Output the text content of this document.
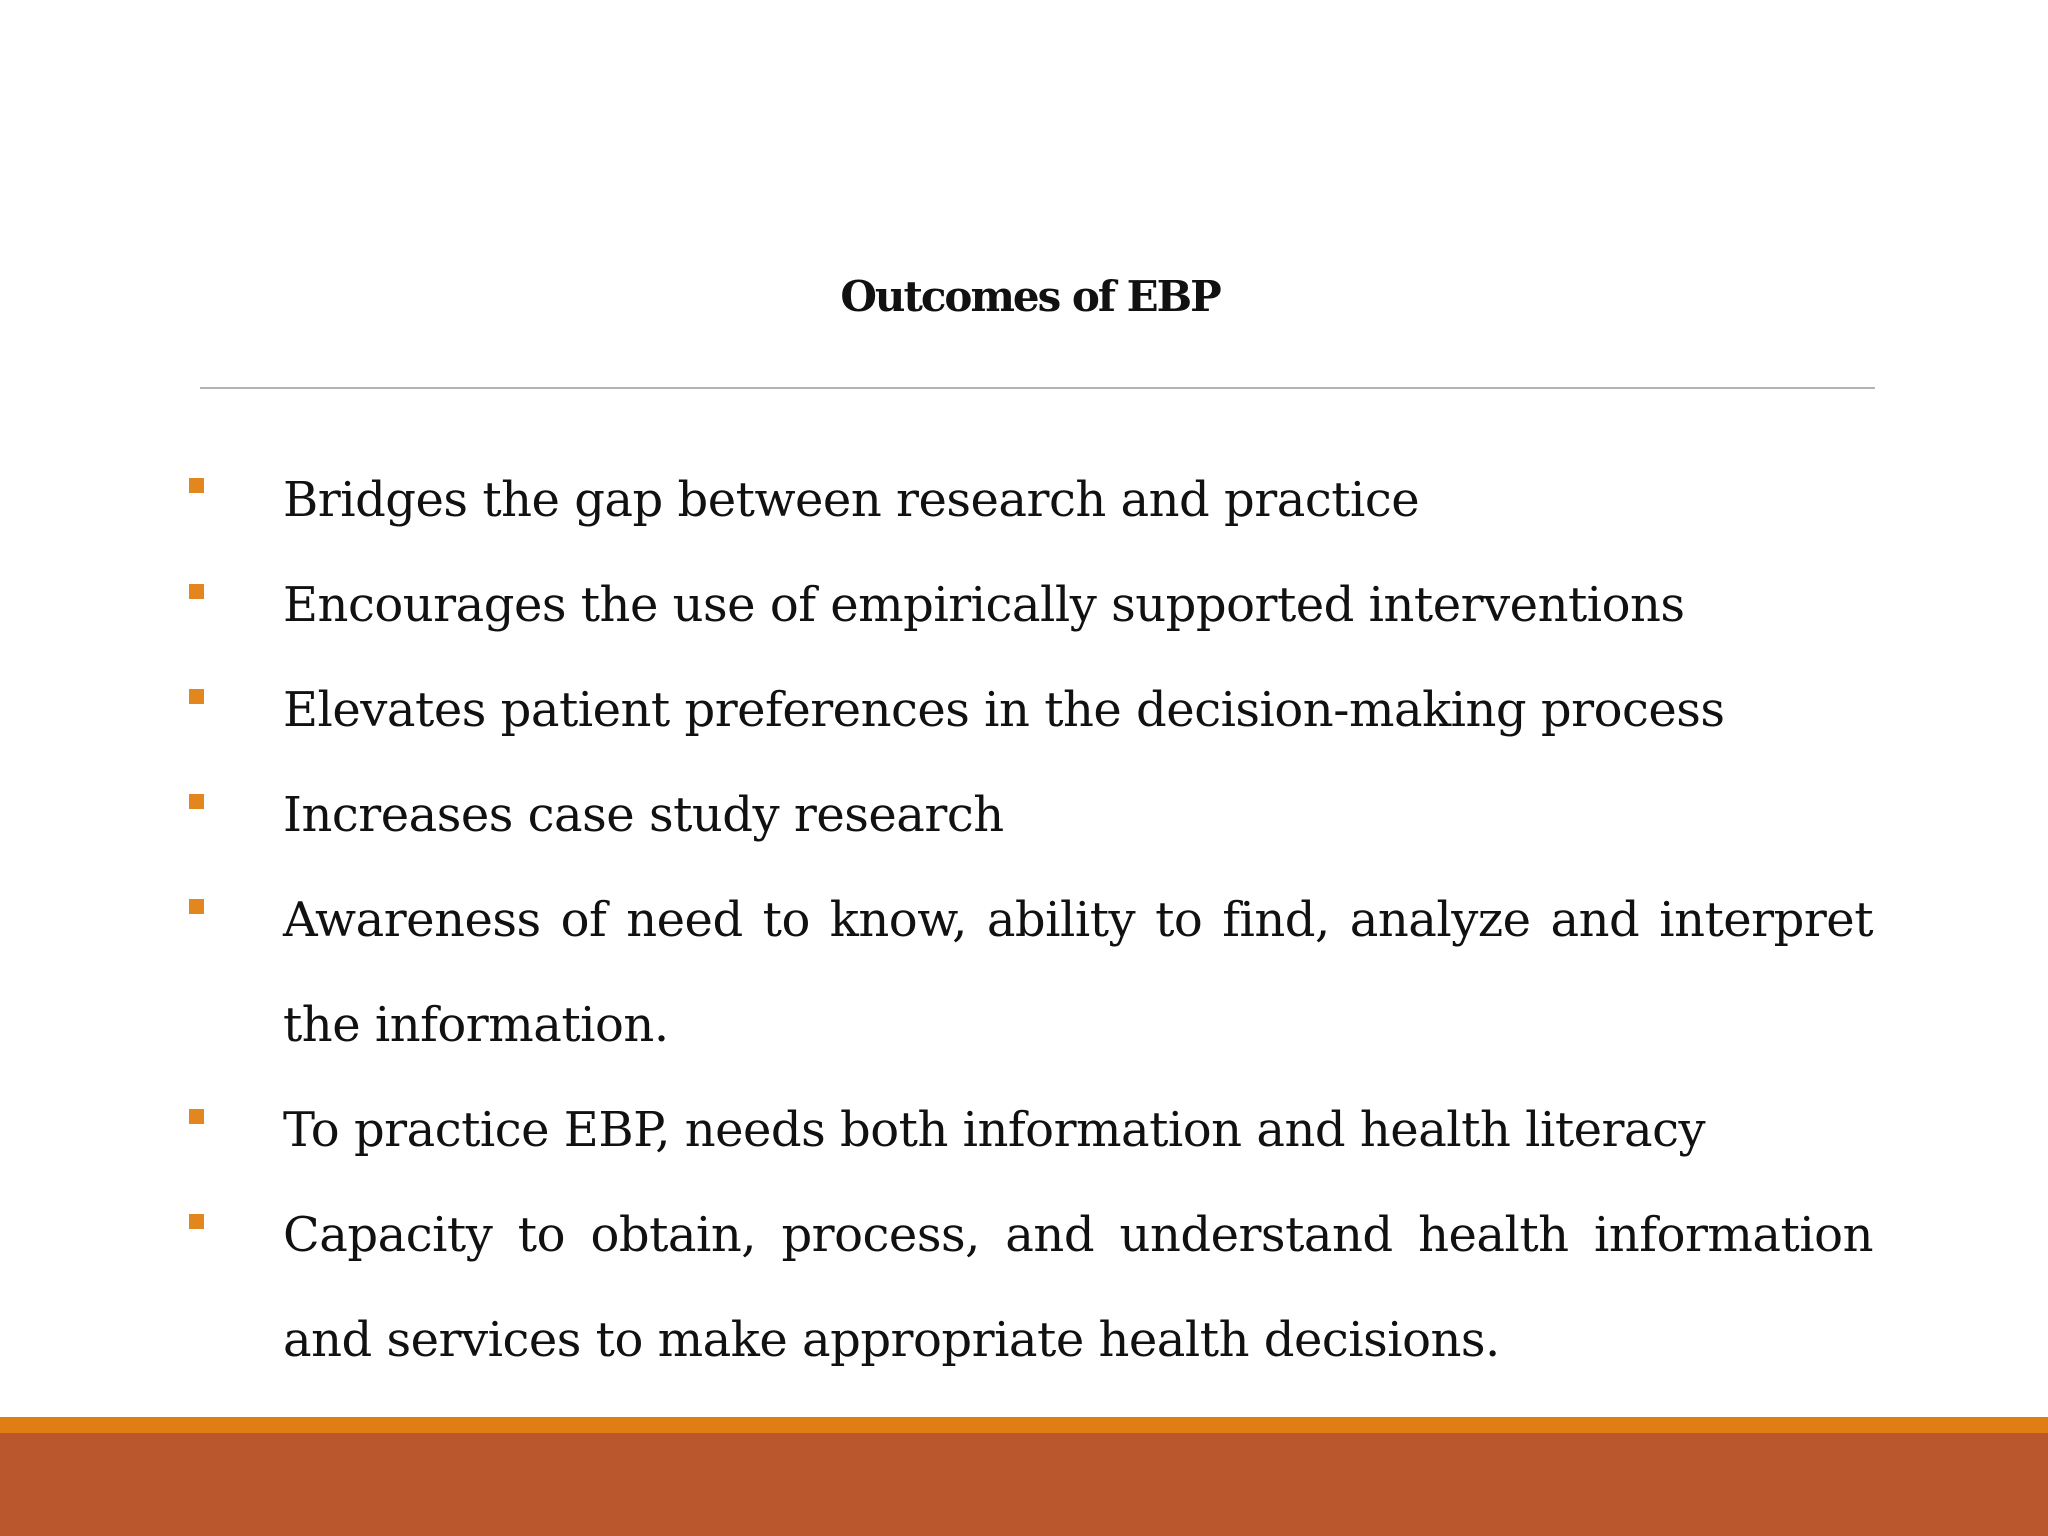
Outcomes of EBP
Bridges the gap between research and practice
Encourages the use of empirically supported interventions
Elevates patient preferences in the decision-making process
Increases case study research
Awareness of need to know, ability to find, analyze and interpret the information.
To practice EBP, needs both information and health literacy
Capacity to obtain, process, and understand health information and services to make appropriate health decisions.
